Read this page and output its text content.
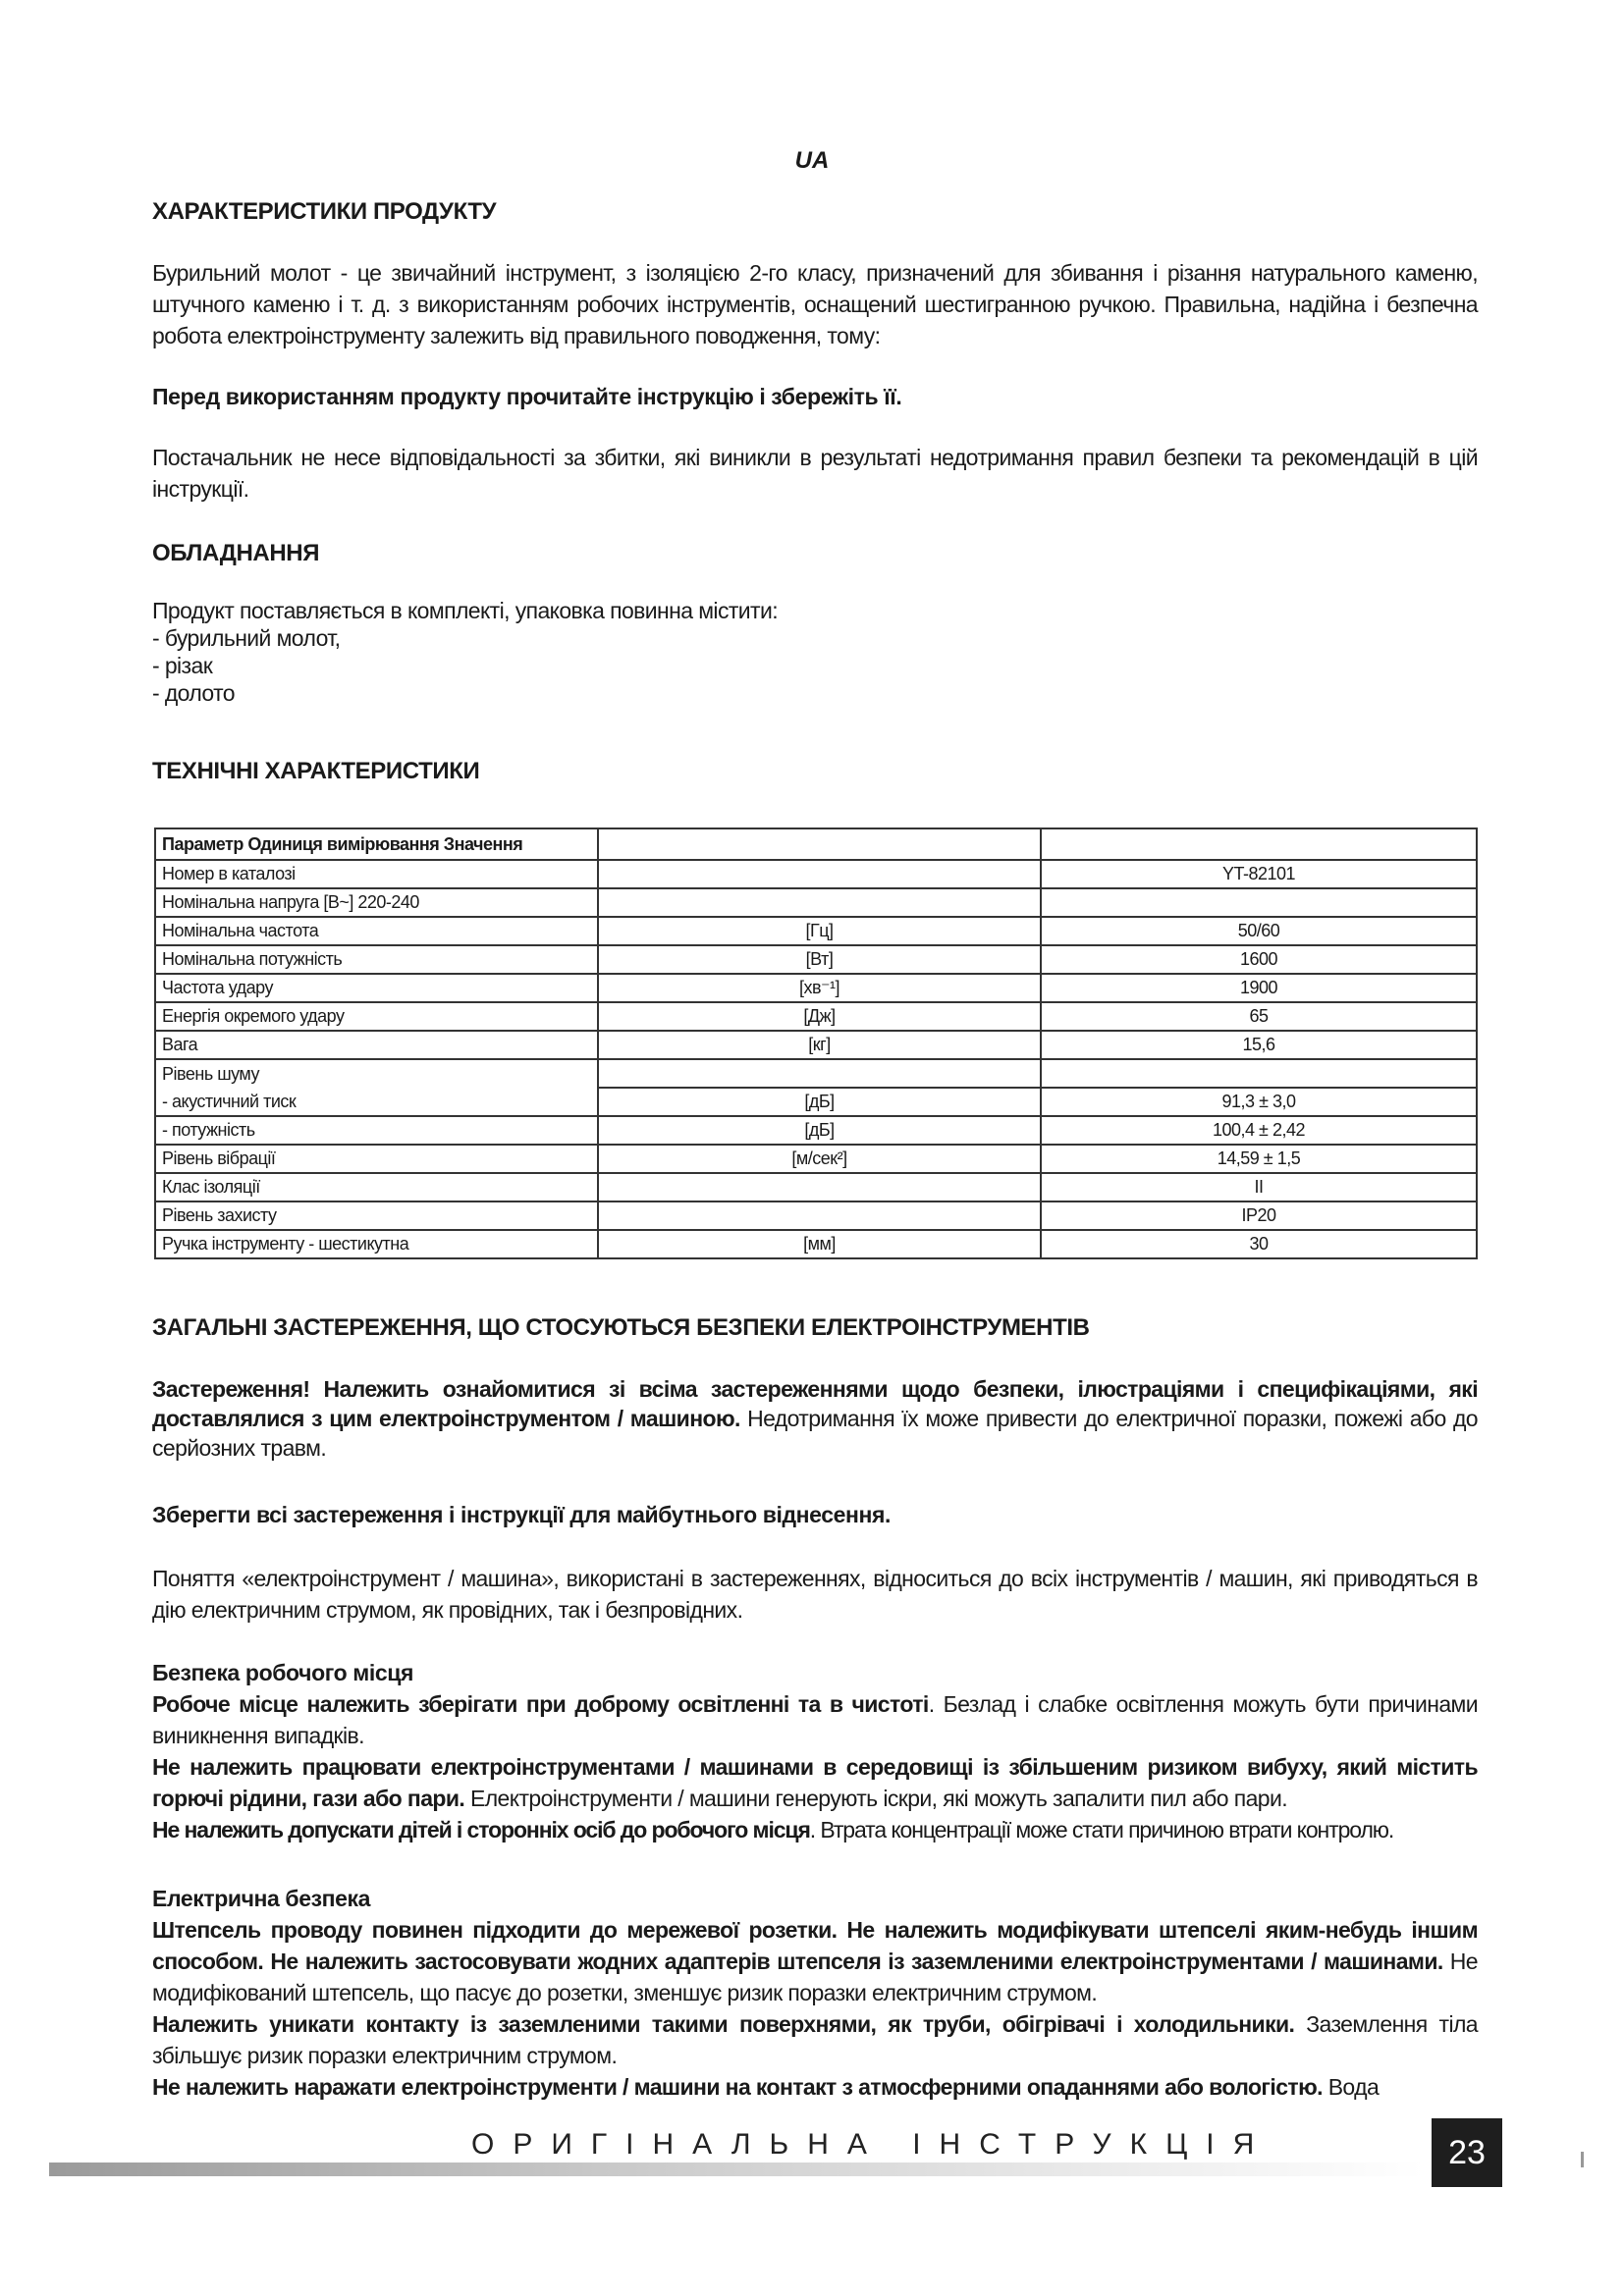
UA
ХАРАКТЕРИСТИКИ ПРОДУКТУ
Бурильний молот - це звичайний інструмент, з ізоляцією 2-го класу, призначений для збивання і різання натурального каменю, штучного каменю і т. д. з використанням робочих інструментів, оснащений шестигранною ручкою. Правильна, надійна і безпечна робота електроінструменту залежить від правильного поводження, тому:
Перед використанням продукту прочитайте інструкцію і збережіть її.
Постачальник не несе відповідальності за збитки, які виникли в результаті недотримання правил безпеки та рекомендацій в цій інструкції.
ОБЛАДНАННЯ
Продукт поставляється в комплекті, упаковка повинна містити:
- бурильний молот,
- різак
- долото
ТЕХНІЧНІ ХАРАКТЕРИСТИКИ
Параметр Одиниця вимірювання Значення		
Номер в каталозі		YT-82101
Номінальна напруга [В~] 220-240		
Номінальна частота	[Гц]	50/60
Номінальна потужність	[Вт]	1600
Частота удару	[хв⁻¹]	1900
Енергія окремого удару	[Дж]	65
Вага	[кг]	15,6
Рівень шуму		
- акустичний тиск	[дБ]	91,3 ± 3,0
- потужність	[дБ]	100,4 ± 2,42
Рівень вібрації	[м/сек²]	14,59 ± 1,5
Клас ізоляції		II
Рівень захисту		IP20
Ручка інструменту - шестикутна	[мм]	30
ЗАГАЛЬНІ ЗАСТЕРЕЖЕННЯ, ЩО СТОСУЮТЬСЯ БЕЗПЕКИ ЕЛЕКТРОІНСТРУМЕНТІВ
Застереження! Належить ознайомитися зі всіма застереженнями щодо безпеки, ілюстраціями і специфікаціями, які доставлялися з цим електроінструментом / машиною. Недотримання їх може привести до електричної поразки, пожежі або до серйозних травм.
Зберегти всі застереження і інструкції для майбутнього віднесення.
Поняття «електроінструмент / машина», використані в застереженнях, відноситься до всіх інструментів / машин, які приводяться в дію електричним струмом, як провідних, так і безпровідних.
Безпека робочого місця
Робоче місце належить зберігати при доброму освітленні та в чистоті. Безлад і слабке освітлення можуть бути причинами виникнення випадків.
Не належить працювати електроінструментами / машинами в середовищі із збільшеним ризиком вибуху, який містить горючі рідини, гази або пари. Електроінструменти / машини генерують іскри, які можуть запалити пил або пари.
Не належить допускати дітей і сторонніх осіб до робочого місця. Втрата концентрації може стати причиною втрати контролю.
Електрична безпека
Штепсель проводу повинен підходити до мережевої розетки. Не належить модифікувати штепселі яким-небудь іншим способом. Не належить застосовувати жодних адаптерів штепселя із заземленими електроінструментами / машинами. Не модифікований штепсель, що пасує до розетки, зменшує ризик поразки електричним струмом.
Належить уникати контакту із заземленими такими поверхнями, як труби, обігрівачі і холодильники. Заземлення тіла збільшує ризик поразки електричним струмом.
Не належить наражати електроінструменти / машини на контакт з атмосферними опаданнями або вологістю. Вода
ОРИГІНАЛЬНА ІНСТРУКЦІЯ	23
